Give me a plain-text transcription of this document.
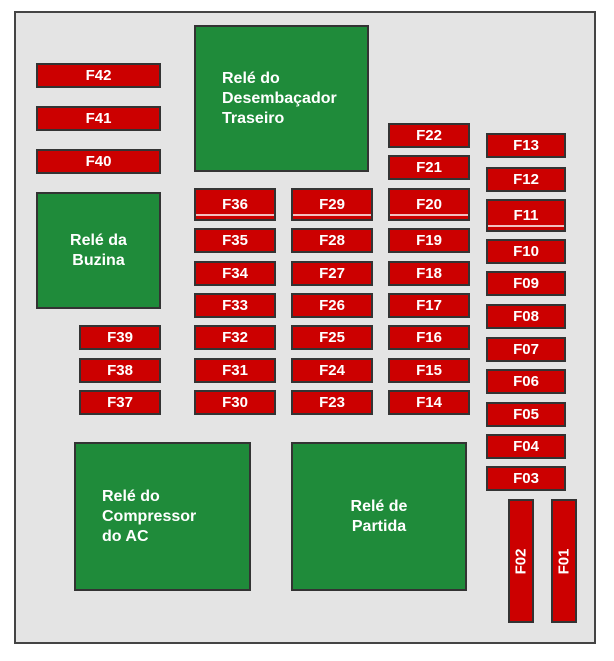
Relé do
Desembaçador
Traseiro
Relé da
Buzina
Relé do
Compressor
do AC
Relé de
Partida
F42
F41
F40
F39
F38
F37
F36
F35
F34
F33
F32
F31
F30
F29
F28
F27
F26
F25
F24
F23
F22
F21
F20
F19
F18
F17
F16
F15
F14
F13
F12
F11
F10
F09
F08
F07
F06
F05
F04
F03
F02 F01
